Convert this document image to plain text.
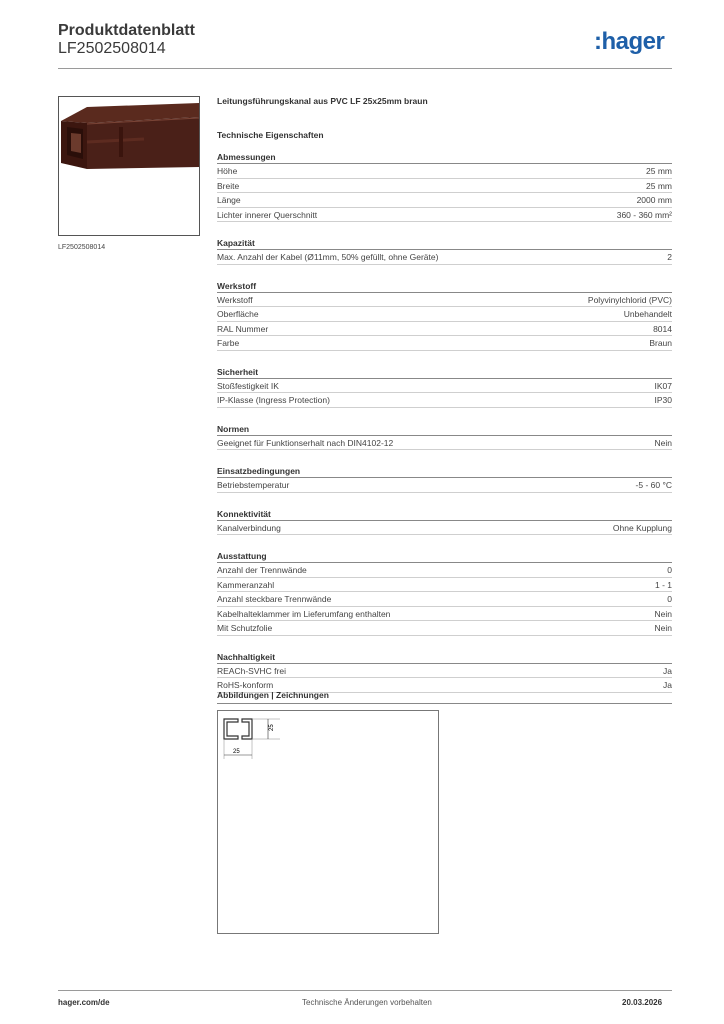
Produktdatenblatt
LF2502508014	:hager
LF2502508014
Leitungsführungskanal aus PVC LF 25x25mm braun
Technische Eigenschaften
Abmessungen
Höhe	25 mm
Breite	25 mm
Länge	2000 mm
Lichter innerer Querschnitt	360 - 360 mm²
Kapazität
Max. Anzahl der Kabel (Ø11mm, 50% gefüllt, ohne Geräte)	2
Werkstoff
Werkstoff	Polyvinylchlorid (PVC)
Oberfläche	Unbehandelt
RAL Nummer	8014
Farbe	Braun
Sicherheit
Stoßfestigkeit IK	IK07
IP-Klasse (Ingress Protection)	IP30
Normen
Geeignet für Funktionserhalt nach DIN4102-12	Nein
Einsatzbedingungen
Betriebstemperatur	-5 - 60 °C
Konnektivität
Kanalverbindung	Ohne Kupplung
Ausstattung
Anzahl der Trennwände	0
Kammeranzahl	1 - 1
Anzahl steckbare Trennwände	0
Kabelhalteklammer im Lieferumfang enthalten	Nein
Mit Schutzfolie	Nein
Nachhaltigkeit
REACh-SVHC frei	Ja
RoHS-konform	Ja
Abbildungen | Zeichnungen
25
25
hager.com/de	Technische Änderungen vorbehalten	20.03.2026
